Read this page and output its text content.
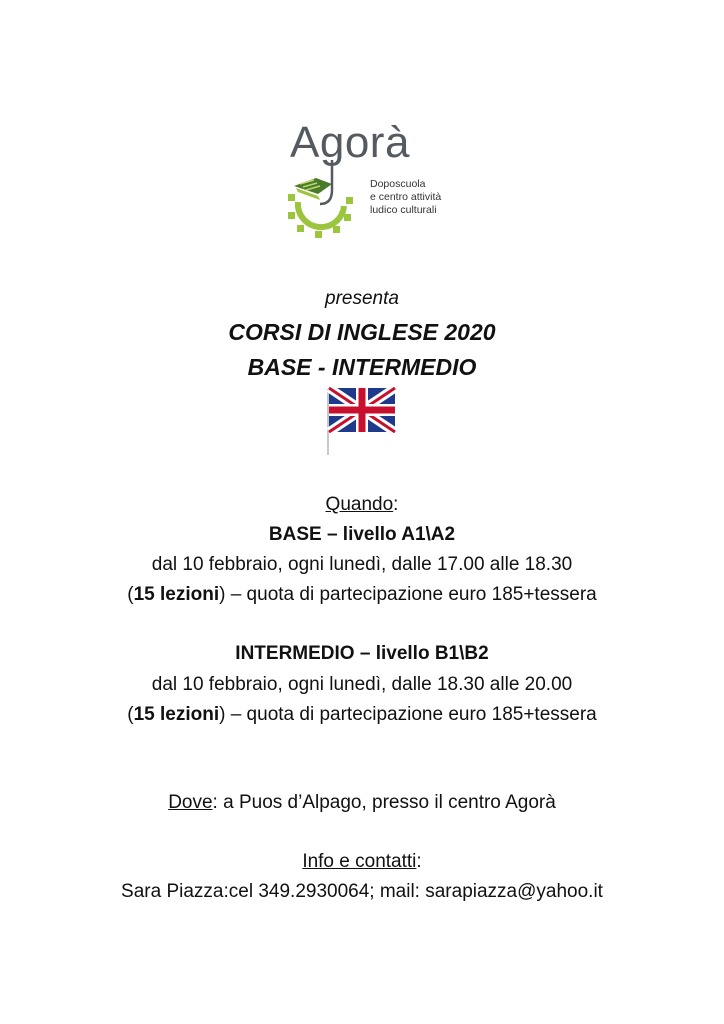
Agorà
Doposcuola
e centro attività
ludico culturali
presenta
CORSI DI INGLESE 2020
BASE - INTERMEDIO
Quando:
BASE – livello A1\A2
dal 10 febbraio, ogni lunedì, dalle 17.00 alle 18.30
(15 lezioni) – quota di partecipazione euro 185+tessera
INTERMEDIO – livello B1\B2
dal 10 febbraio, ogni lunedì, dalle 18.30 alle 20.00
(15 lezioni) – quota di partecipazione euro 185+tessera
Dove: a Puos d’Alpago, presso il centro Agorà
Info e contatti:
Sara Piazza:cel 349.2930064; mail: sarapiazza@yahoo.it
